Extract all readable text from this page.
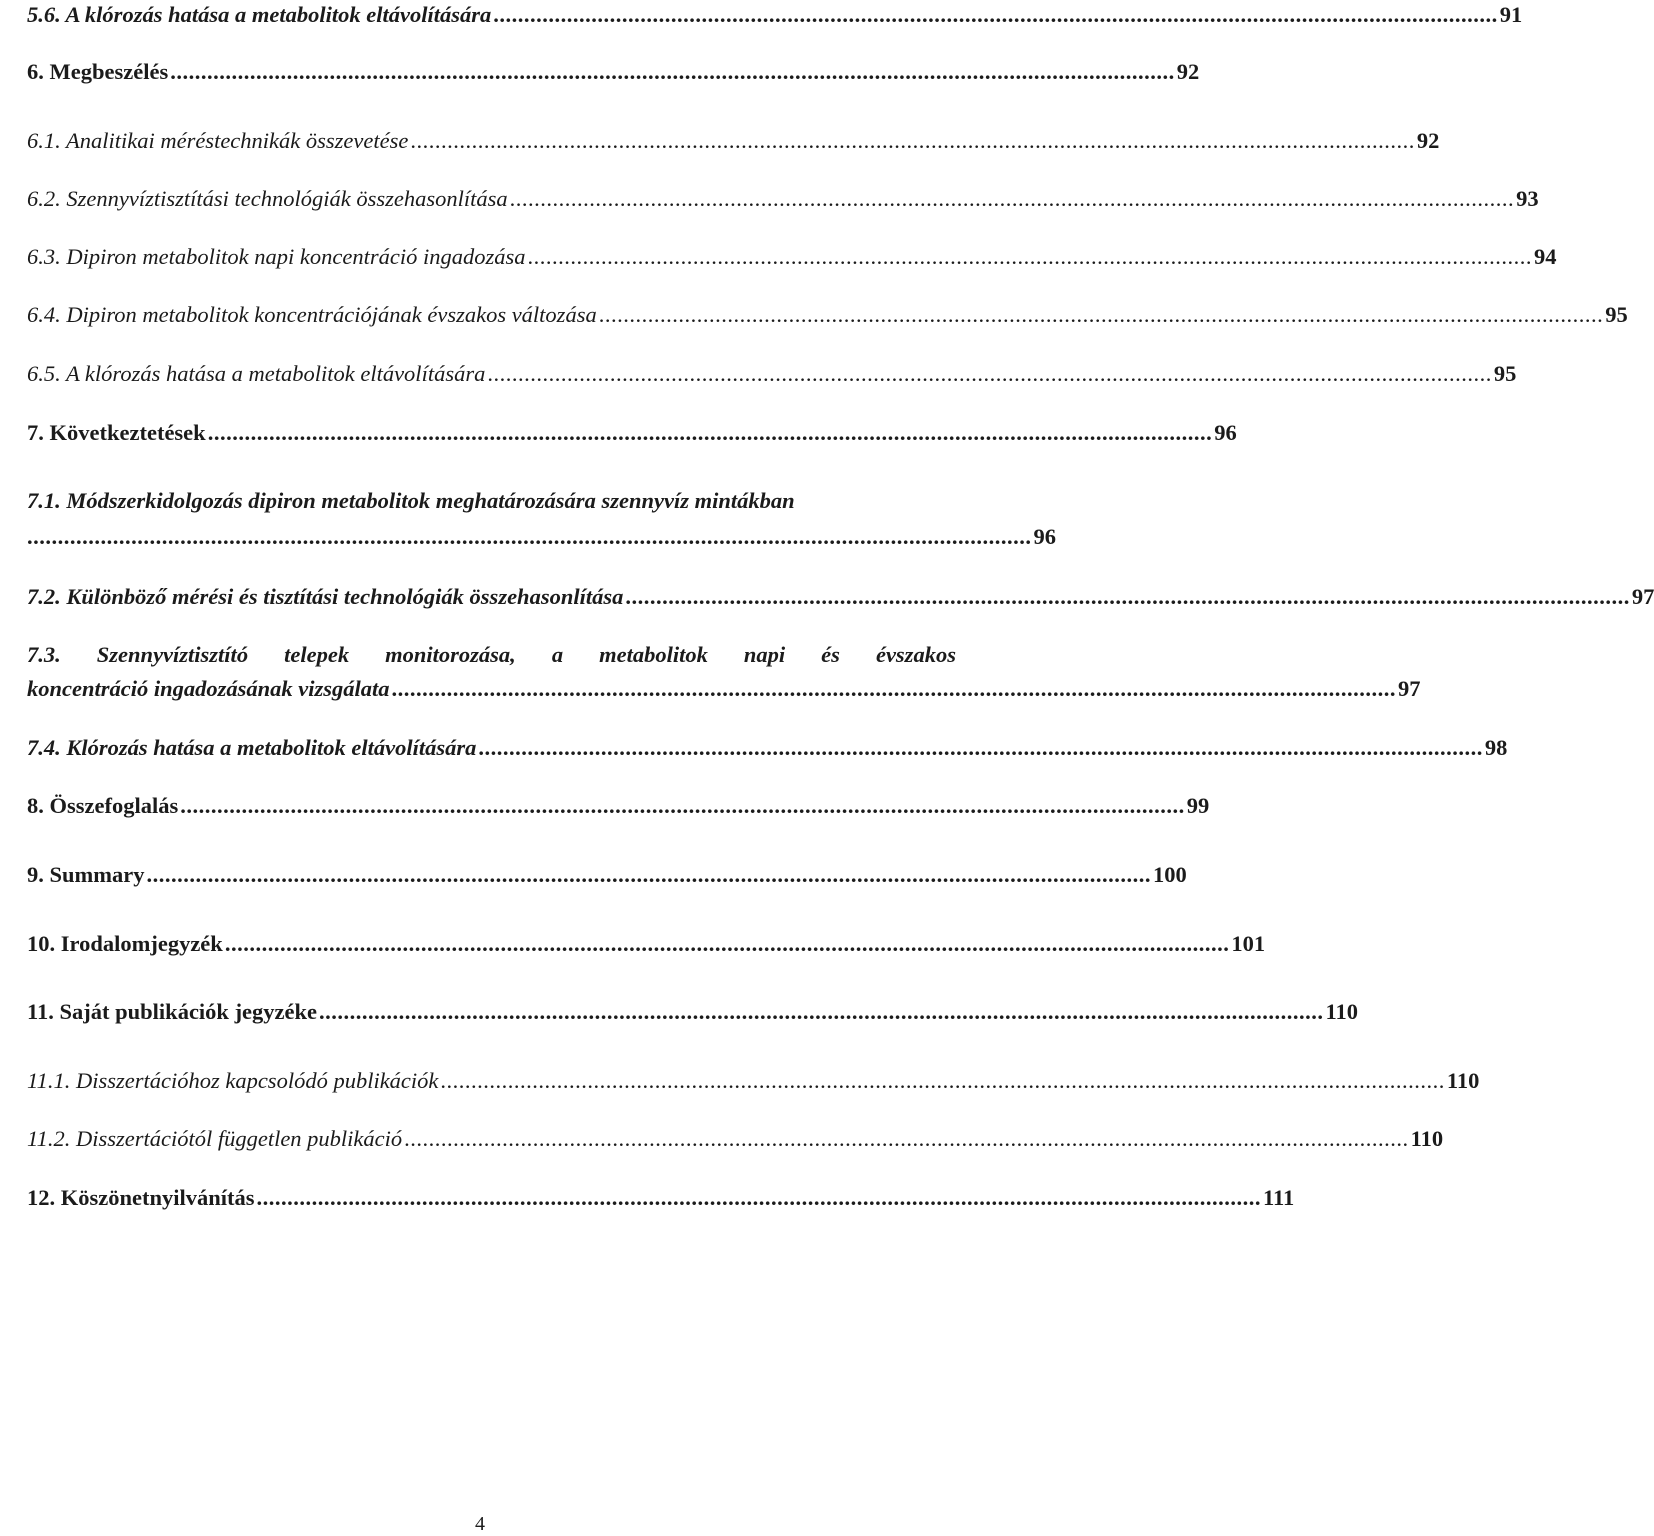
5.6. A klórozás hatása a metabolitok eltávolítására .................................................................................................................................................................... 91
6. Megbeszélés .................................................................................................................................................................... 92
6.1. Analitikai méréstechnikák összevetése .................................................................................................................................................................... 92
6.2. Szennyvíztisztítási technológiák összehasonlítása .................................................................................................................................................................... 93
6.3. Dipiron metabolitok napi koncentráció ingadozása .................................................................................................................................................................... 94
6.4. Dipiron metabolitok koncentrációjának évszakos változása .................................................................................................................................................................... 95
6.5. A klórozás hatása a metabolitok eltávolítására .................................................................................................................................................................... 95
7. Következtetések .................................................................................................................................................................... 96
7.1. Módszerkidolgozás dipiron metabolitok meghatározására szennyvíz mintákban
.................................................................................................................................................................... 96
7.2. Különböző mérési és tisztítási technológiák összehasonlítása .................................................................................................................................................................... 97
7.3. Szennyvíztisztító telepek monitorozása, a metabolitok napi és évszakos
koncentráció ingadozásának vizsgálata .................................................................................................................................................................... 97
7.4. Klórozás hatása a metabolitok eltávolítására .................................................................................................................................................................... 98
8. Összefoglalás .................................................................................................................................................................... 99
9. Summary .................................................................................................................................................................... 100
10. Irodalomjegyzék .................................................................................................................................................................... 101
11. Saját publikációk jegyzéke .................................................................................................................................................................... 110
11.1. Disszertációhoz kapcsolódó publikációk .................................................................................................................................................................... 110
11.2. Disszertációtól független publikáció .................................................................................................................................................................... 110
12. Köszönetnyilvánítás .................................................................................................................................................................... 111
4
